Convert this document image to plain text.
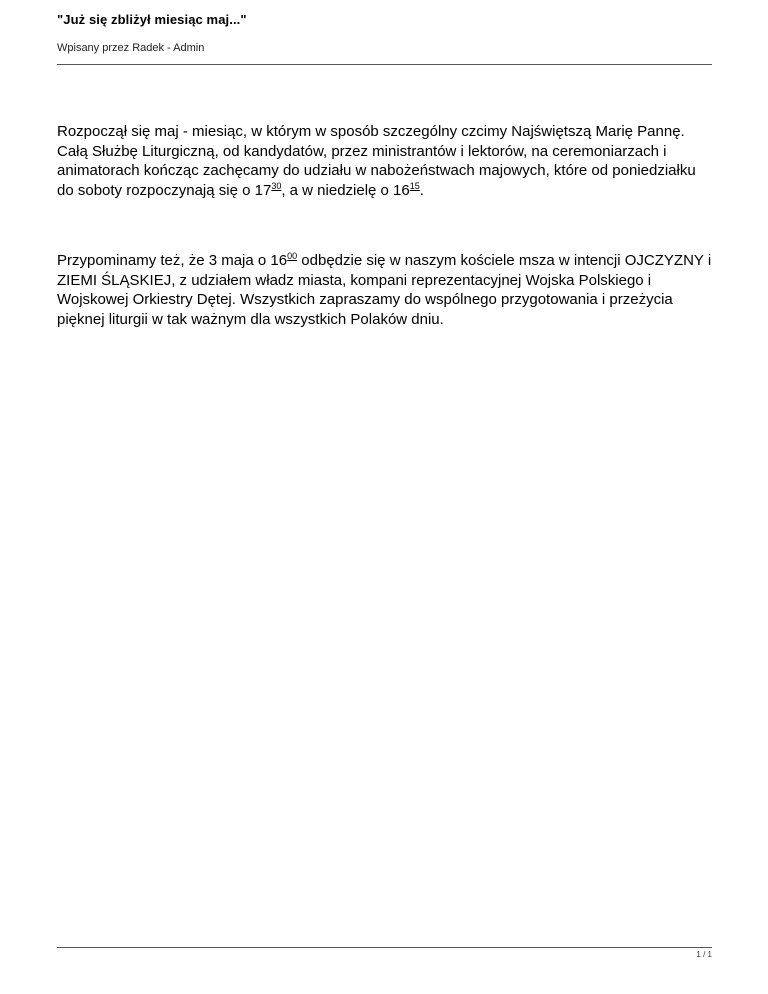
"Już się zbliżył miesiąc maj..."
Wpisany przez Radek - Admin

Rozpoczął się maj - miesiąc, w którym w sposób szczególny czcimy Najświętszą Marię Pannę. Całą Służbę Liturgiczną, od kandydatów, przez ministrantów i lektorów, na ceremoniarzach i animatorach kończąc zachęcamy do udziału w nabożeństwach majowych, które od poniedziałku do soboty rozpoczynają się o $17^{30}$, a w niedzielę o $16^{15}$.

Przypominamy też, że 3 maja o $16^{00}$ odbędzie się w naszym kościele msza w intencji OJCZYZNY i ZIEMI ŚLĄSKIEJ, z udziałem władz miasta, kompani reprezentacyjnej Wojska Polskiego i Wojskowej Orkiestry Dętej. Wszystkich zapraszamy do wspólnego przygotowania i przeżycia pięknej liturgii w tak ważnym dla wszystkich Polaków dniu.

1 / 1
